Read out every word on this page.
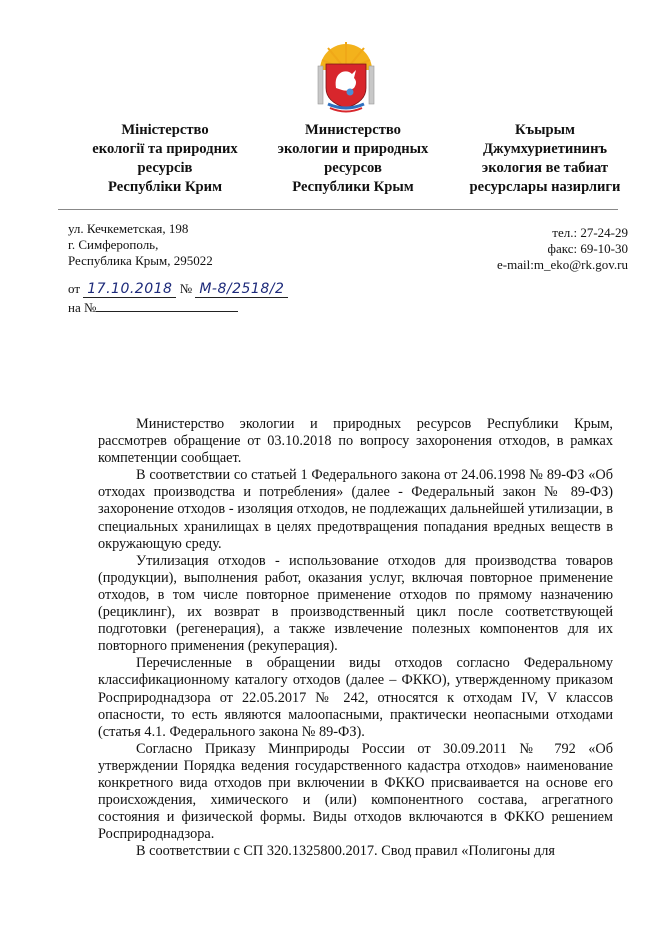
Міністерство
екології та природних
ресурсів
Республіки Крим
Министерство
экологии и природных
ресурсов
Республики Крым
Къырым
Джумхуриетининъ
экология ве табиат
ресурслары назирлиги
ул. Кечкеметская, 198
г. Симферополь,
Республика Крым, 295022
тел.: 27-24-29
факс: 69-10-30
e-mail:m_eko@rk.gov.ru
от 17.10.2018 № М-8/2518/2
на №

Министерство экологии и природных ресурсов Республики Крым, рассмотрев обращение от 03.10.2018 по вопросу захоронения отходов, в рамках компетенции сообщает.

В соответствии со статьей 1 Федерального закона от 24.06.1998 № 89-ФЗ «Об отходах производства и потребления» (далее - Федеральный закон № 89-ФЗ) захоронение отходов - изоляция отходов, не подлежащих дальнейшей утилизации, в специальных хранилищах в целях предотвращения попадания вредных веществ в окружающую среду.

Утилизация отходов - использование отходов для производства товаров (продукции), выполнения работ, оказания услуг, включая повторное применение отходов, в том числе повторное применение отходов по прямому назначению (рециклинг), их возврат в производственный цикл после соответствующей подготовки (регенерация), а также извлечение полезных компонентов для их повторного применения (рекуперация).

Перечисленные в обращении виды отходов согласно Федеральному классификационному каталогу отходов (далее – ФККО), утвержденному приказом Росприроднадзора от 22.05.2017 № 242, относятся к отходам IV, V классов опасности, то есть являются малоопасными, практически неопасными отходами (статья 4.1. Федерального закона № 89-ФЗ).

Согласно Приказу Минприроды России от 30.09.2011 № 792 «Об утверждении Порядка ведения государственного кадастра отходов» наименование конкретного вида отходов при включении в ФККО присваивается на основе его происхождения, химического и (или) компонентного состава, агрегатного состояния и физической формы. Виды отходов включаются в ФККО решением Росприроднадзора.

В соответствии с СП 320.1325800.2017. Свод правил «Полигоны для
